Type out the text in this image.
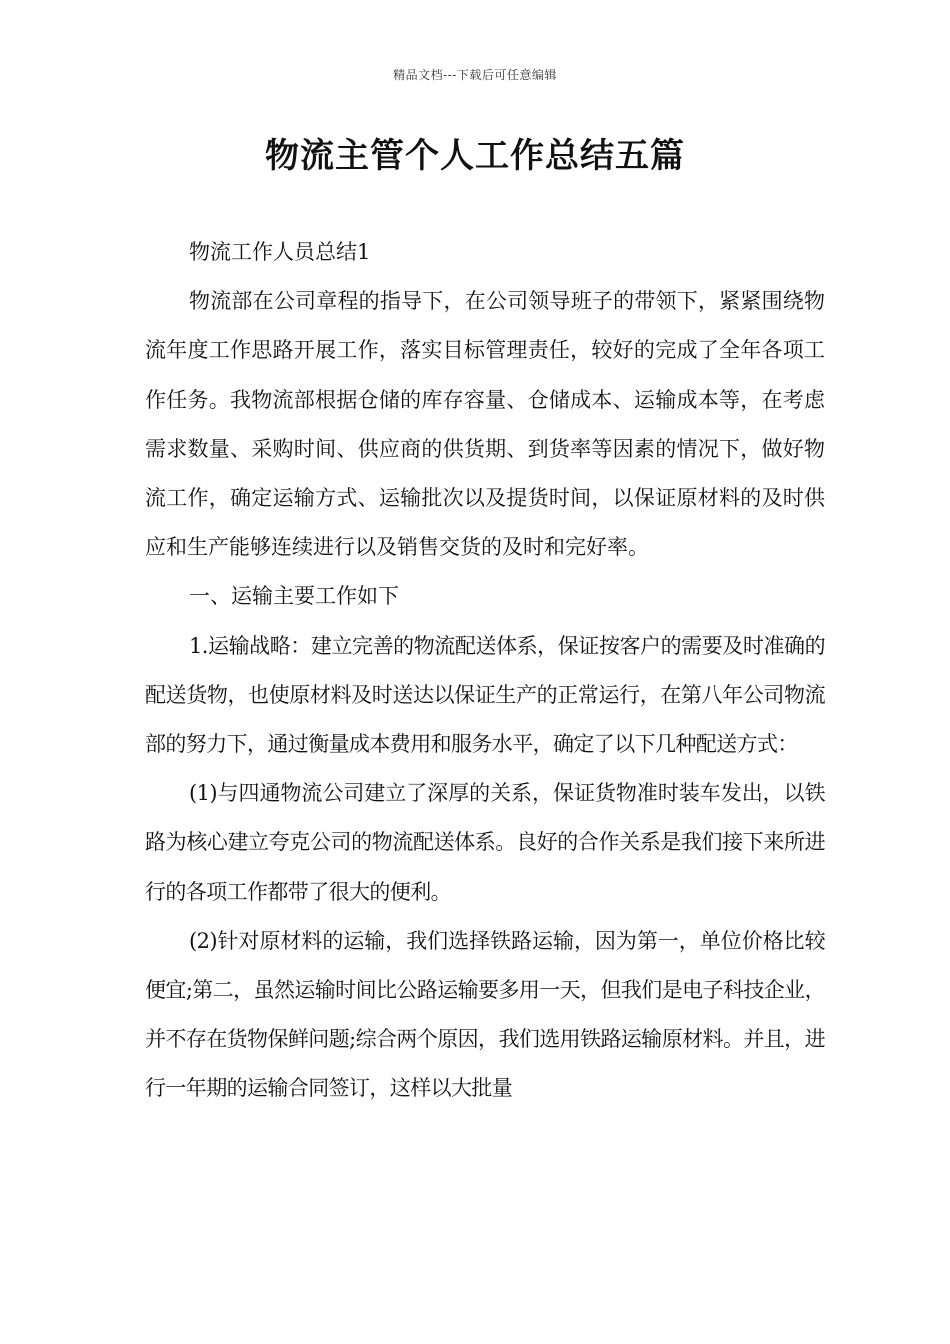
精品文档---下载后可任意编辑
物流主管个人工作总结五篇

物流工作人员总结1

物流部在公司章程的指导下，在公司领导班子的带领下，紧紧围绕物流年度工作思路开展工作，落实目标管理责任，较好的完成了全年各项工作任务。我物流部根据仓储的库存容量、仓储成本、运输成本等，在考虑需求数量、采购时间、供应商的供货期、到货率等因素的情况下，做好物流工作，确定运输方式、运输批次以及提货时间，以保证原材料的及时供应和生产能够连续进行以及销售交货的及时和完好率。

一、运输主要工作如下

1.运输战略：建立完善的物流配送体系，保证按客户的需要及时准确的配送货物，也使原材料及时送达以保证生产的正常运行，在第八年公司物流部的努力下，通过衡量成本费用和服务水平，确定了以下几种配送方式：

(1)与四通物流公司建立了深厚的关系，保证货物准时装车发出，以铁路为核心建立夸克公司的物流配送体系。良好的合作关系是我们接下来所进行的各项工作都带了很大的便利。

(2)针对原材料的运输，我们选择铁路运输，因为第一，单位价格比较便宜;第二，虽然运输时间比公路运输要多用一天，但我们是电子科技企业，并不存在货物保鲜问题;综合两个原因，我们选用铁路运输原材料。并且，进行一年期的运输合同签订，这样以大批量
